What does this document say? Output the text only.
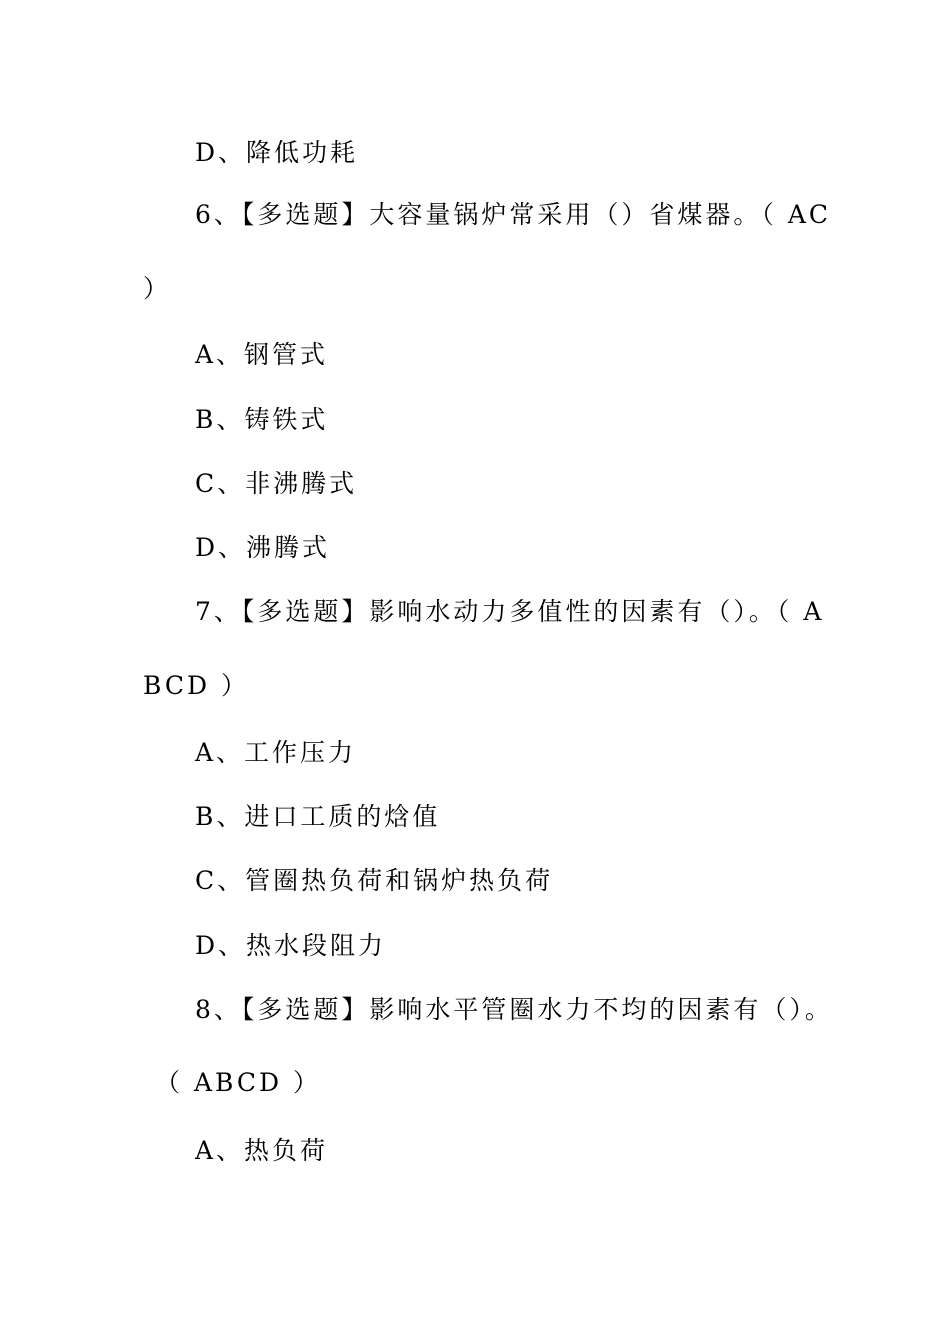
D、降低功耗
6、【多选题】大容量锅炉常采用（）省煤器。（ AC
）
A、钢管式
B、铸铁式
C、非沸腾式
D、沸腾式
7、【多选题】影响水动力多值性的因素有（）。（ A
BCD ）
A、工作压力
B、进口工质的焓值
C、管圈热负荷和锅炉热负荷
D、热水段阻力
8、【多选题】影响水平管圈水力不均的因素有（）。
（ ABCD ）
A、热负荷
